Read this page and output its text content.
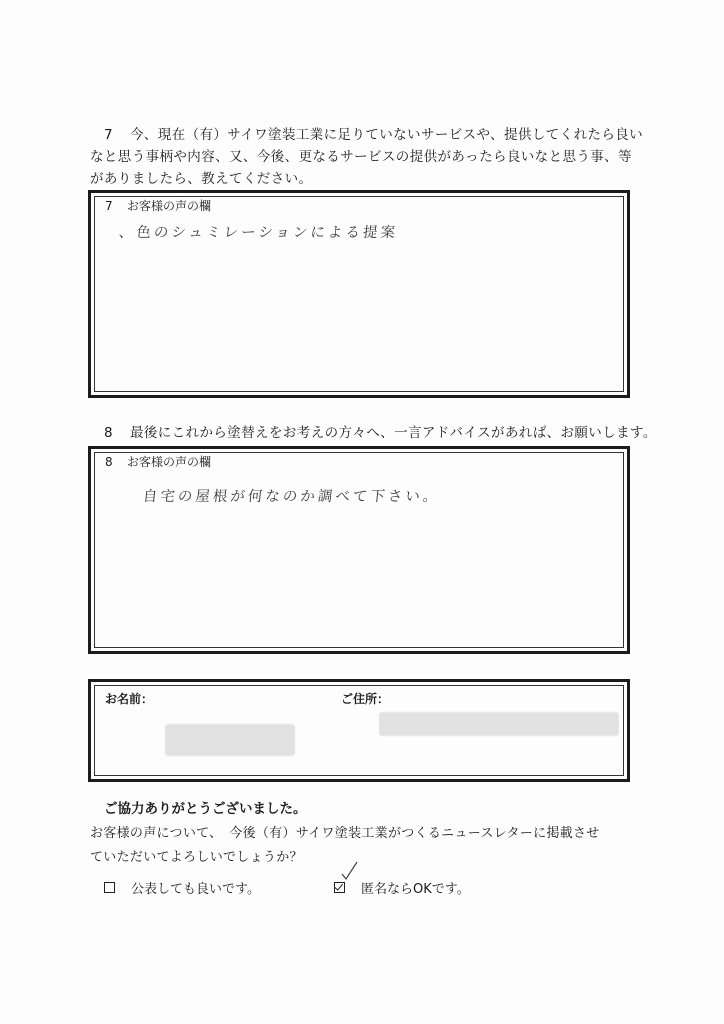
7 今、現在（有）サイワ塗装工業に足りていないサービスや、提供してくれたら良い
なと思う事柄や内容、又、今後、更なるサービスの提供があったら良いなと思う事、等
がありましたら、教えてください。
7 お客様の声の欄
、色のシュミレーションによる提案
8 最後にこれから塗替えをお考えの方々へ、一言アドバイスがあれば、お願いします。
8 お客様の声の欄
自宅の屋根が何なのか調べて下さい。
お名前：	ご住所：
ご協力ありがとうございました。
お客様の声について、　今後（有）サイワ塗装工業がつくるニュースレターに掲載させ
ていただいてよろしいでしょうか？
公表しても良いです。	匿名ならOKです。
